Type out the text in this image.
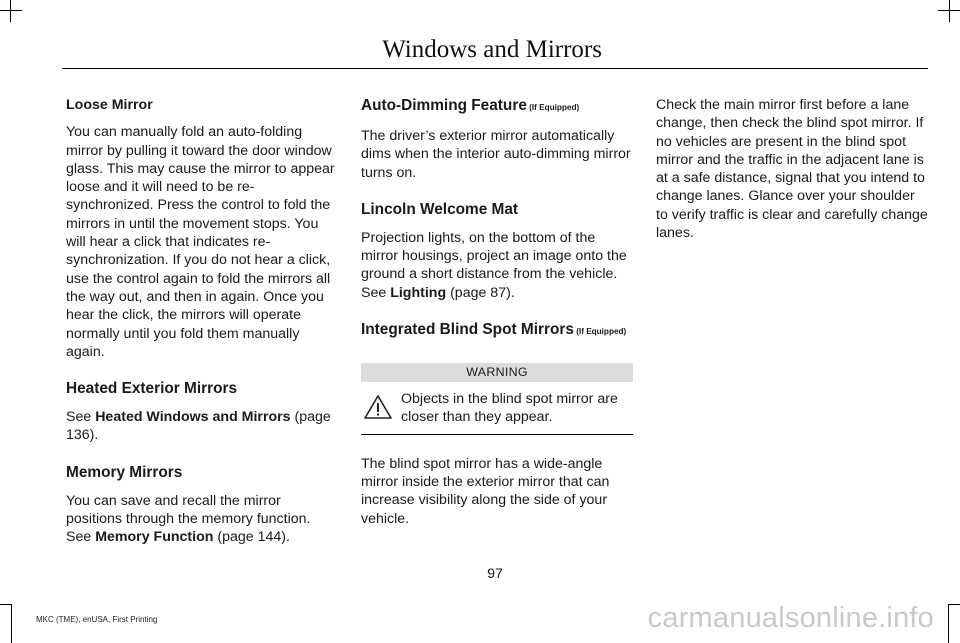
Windows and Mirrors

Loose Mirror

You can manually fold an auto-folding mirror by pulling it toward the door window glass. This may cause the mirror to appear loose and it will need to be re-synchronized. Press the control to fold the mirrors in until the movement stops. You will hear a click that indicates re-synchronization. If you do not hear a click, use the control again to fold the mirrors all the way out, and then in again. Once you hear the click, the mirrors will operate normally until you fold them manually again.

Heated Exterior Mirrors

See Heated Windows and Mirrors (page 136).

Memory Mirrors

You can save and recall the mirror positions through the memory function. See Memory Function (page 144).

Auto-Dimming Feature (If Equipped)

The driver’s exterior mirror automatically dims when the interior auto-dimming mirror turns on.

Lincoln Welcome Mat

Projection lights, on the bottom of the mirror housings, project an image onto the ground a short distance from the vehicle. See Lighting (page 87).

Integrated Blind Spot Mirrors (If Equipped)

WARNING

Objects in the blind spot mirror are closer than they appear.

The blind spot mirror has a wide-angle mirror inside the exterior mirror that can increase visibility along the side of your vehicle.

Check the main mirror first before a lane change, then check the blind spot mirror. If no vehicles are present in the blind spot mirror and the traffic in the adjacent lane is at a safe distance, signal that you intend to change lanes. Glance over your shoulder to verify traffic is clear and carefully change lanes.

97
MKC (TME), enUSA, First Printing	carmanualsonline.info
